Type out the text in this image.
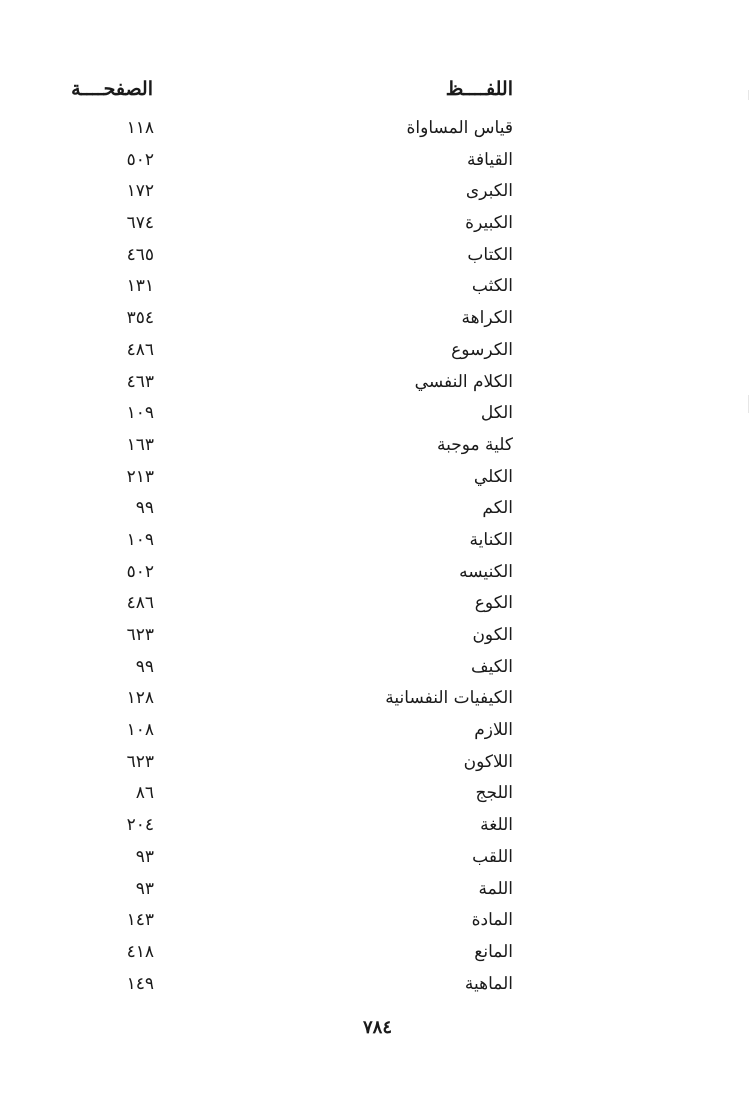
اللفــــظ
الصفحــــة
قياس المساواة
١١٨
القيافة
٥٠٢
الكبرى
١٧٢
الكبيرة
٦٧٤
الكتاب
٤٦٥
الكثب
١٣١
الكراهة
٣٥٤
الكرسوع
٤٨٦
الكلام النفسي
٤٦٣
الكل
١٠٩
كلية موجبة
١٦٣
الكلي
٢١٣
الكم
٩٩
الكناية
١٠٩
الكنيسه
٥٠٢
الكوع
٤٨٦
الكون
٦٢٣
الكيف
٩٩
الكيفيات النفسانية
١٢٨
اللازم
١٠٨
اللاكون
٦٢٣
اللجج
٨٦
اللغة
٢٠٤
اللقب
٩٣
اللمة
٩٣
المادة
١٤٣
المانع
٤١٨
الماهية
١٤٩
٧٨٤
